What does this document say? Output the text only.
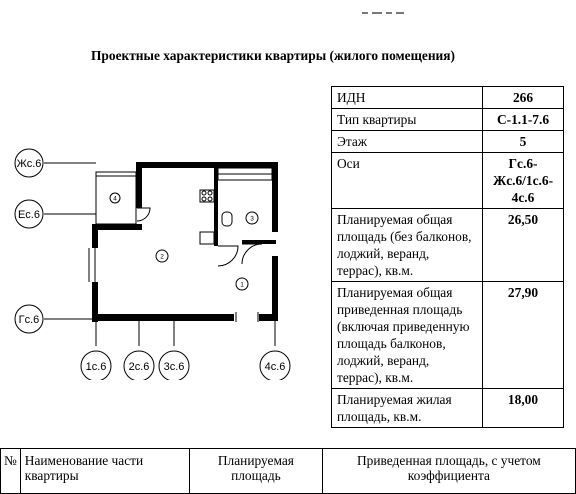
Проектные характеристики квартиры (жилого помещения)
3
2
1
4
Жс.6
Ес.6
Гс.6
1с.6 2с.6 3с.6	4с.6
ИДН	266
Тип квартиры	С-1.1-7.6
Этаж	5
Оси	Гс.6-Жс.6/1с.6-4с.6
Планируемая общая площадь (без балконов, лоджий, веранд, террас), кв.м.	26,50
Планируемая общая приведенная площадь (включая приведенную площадь балконов, лоджий, веранд, террас), кв.м.	27,90
Планируемая жилая площадь, кв.м.	18,00
№	Наименование части квартиры	Планируемая площадь	Приведенная площадь, с учетом коэффициента
